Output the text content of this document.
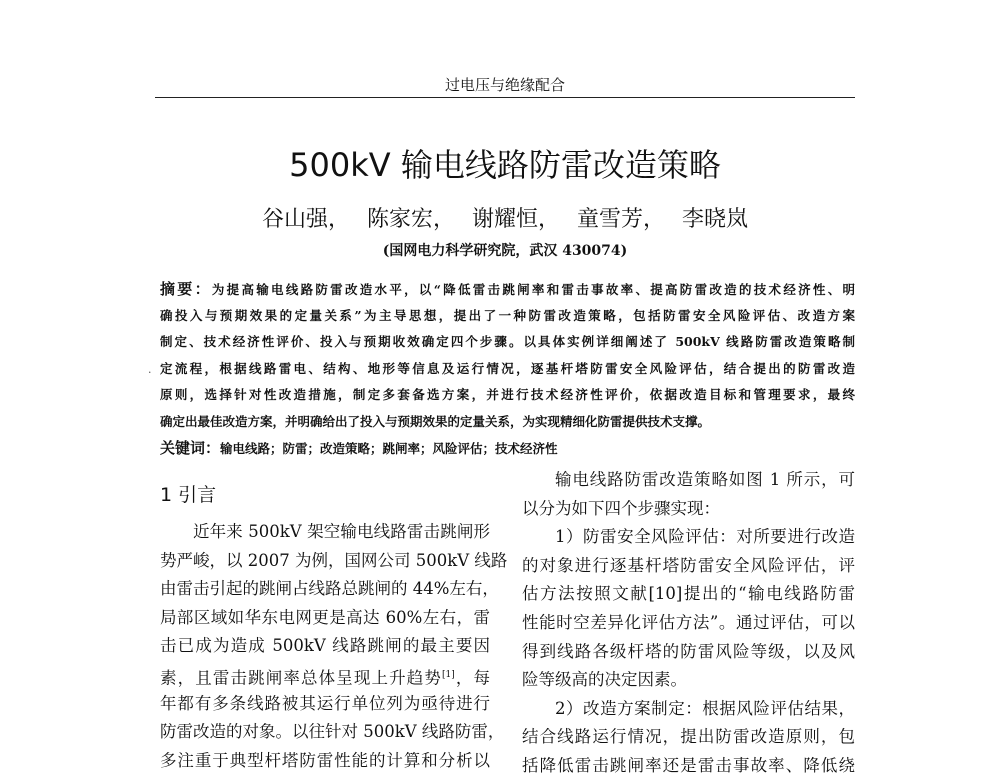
过电压与绝缘配合
500kV 输电线路防雷改造策略
谷山强， 陈家宏， 谢耀恒， 童雪芳， 李晓岚
(国网电力科学研究院，武汉 430074)
·
摘要：为提高输电线路防雷改造水平，以“降低雷击跳闸率和雷击事故率、提高防雷改造的技术经济性、明
确投入与预期效果的定量关系”为主导思想，提出了一种防雷改造策略，包括防雷安全风险评估、改造方案
制定、技术经济性评价、投入与预期收效确定四个步骤。以具体实例详细阐述了 500kV 线路防雷改造策略制
定流程，根据线路雷电、结构、地形等信息及运行情况，逐基杆塔防雷安全风险评估，结合提出的防雷改造
原则，选择针对性改造措施，制定多套备选方案，并进行技术经济性评价，依据改造目标和管理要求，最终
确定出最佳改造方案，并明确给出了投入与预期效果的定量关系，为实现精细化防雷提供技术支撑。
关键词：输电线路；防雷；改造策略；跳闸率；风险评估；技术经济性
1 引言
近年来 500kV 架空输电线路雷击跳闸形
势严峻，以 2007 为例，国网公司 500kV 线路
由雷击引起的跳闸占线路总跳闸的 44%左右，
局部区域如华东电网更是高达 60%左右，雷
击已成为造成 500kV 线路跳闸的最主要因
素，且雷击跳闸率总体呈现上升趋势[1]，每
年都有多条线路被其运行单位列为亟待进行
防雷改造的对象。以往针对 500kV 线路防雷，
多注重于典型杆塔防雷性能的计算和分析以
输电线路防雷改造策略如图 1 所示，可
以分为如下四个步骤实现：
1）防雷安全风险评估：对所要进行改造
的对象进行逐基杆塔防雷安全风险评估，评
估方法按照文献[10]提出的“输电线路防雷
性能时空差异化评估方法”。通过评估，可以
得到线路各级杆塔的防雷风险等级，以及风
险等级高的决定因素。
2）改造方案制定：根据风险评估结果，
结合线路运行情况，提出防雷改造原则，包
括降低雷击跳闸率还是雷击事故率、降低绕
